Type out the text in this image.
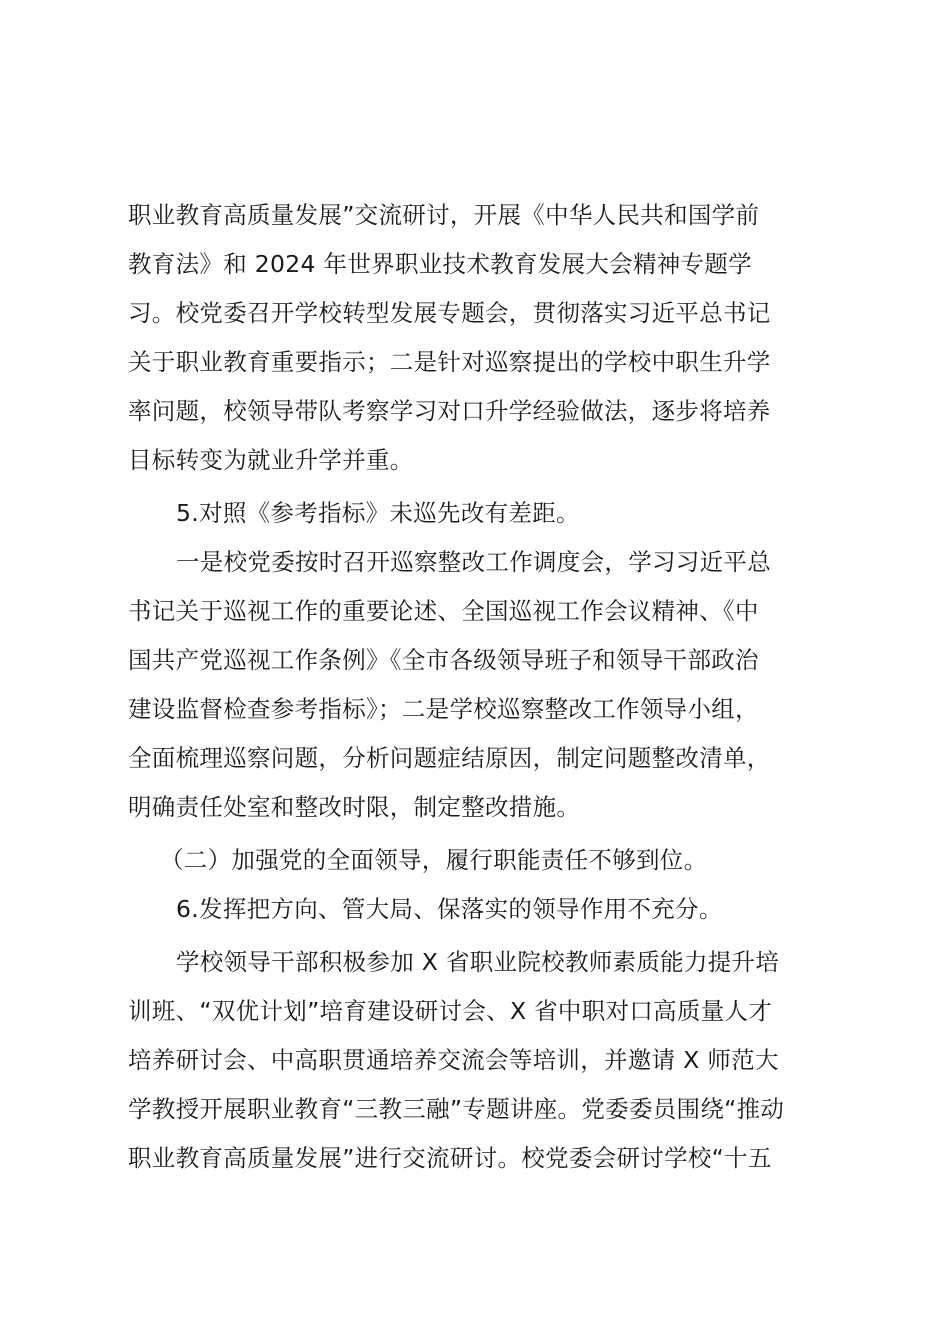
职业教育高质量发展”交流研讨，开展《中华人民共和国学前
教育法》和 2024 年世界职业技术教育发展大会精神专题学
习。校党委召开学校转型发展专题会，贯彻落实习近平总书记
关于职业教育重要指示；二是针对巡察提出的学校中职生升学
率问题，校领导带队考察学习对口升学经验做法，逐步将培养
目标转变为就业升学并重。
5.对照《参考指标》未巡先改有差距。
一是校党委按时召开巡察整改工作调度会，学习习近平总
书记关于巡视工作的重要论述、全国巡视工作会议精神、《中
国共产党巡视工作条例》《全市各级领导班子和领导干部政治
建设监督检查参考指标》；二是学校巡察整改工作领导小组，
全面梳理巡察问题，分析问题症结原因，制定问题整改清单，
明确责任处室和整改时限，制定整改措施。
（二）加强党的全面领导，履行职能责任不够到位。
6.发挥把方向、管大局、保落实的领导作用不充分。
学校领导干部积极参加 X 省职业院校教师素质能力提升培
训班、“双优计划”培育建设研讨会、X 省中职对口高质量人才
培养研讨会、中高职贯通培养交流会等培训，并邀请 X 师范大
学教授开展职业教育“三教三融”专题讲座。党委委员围绕“推动
职业教育高质量发展”进行交流研讨。校党委会研讨学校“十五
